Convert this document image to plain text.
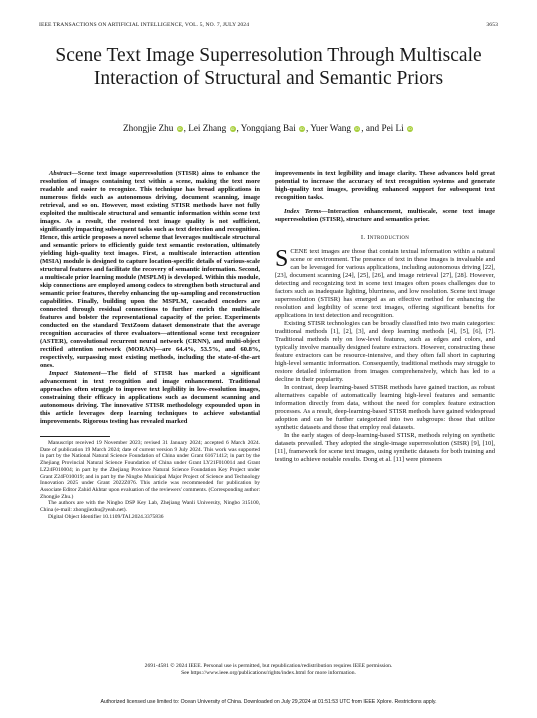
IEEE TRANSACTIONS ON ARTIFICIAL INTELLIGENCE, VOL. 5, NO. 7, JULY 2024	3653
Scene Text Image Superresolution Through Multiscale Interaction of Structural and Semantic Priors
Zhongjie Zhu iD , Lei Zhang iD , Yongqiang Bai iD , Yuer Wang iD , and Pei Li iD

Abstract—Scene text image superresolution (STISR) aims to enhance the resolution of images containing text within a scene, making the text more readable and easier to recognize. This technique has broad applications in numerous fields such as autonomous driving, document scanning, image retrieval, and so on. However, most existing STISR methods have not fully exploited the multiscale structural and semantic information within scene text images. As a result, the restored text image quality is not sufficient, significantly impacting subsequent tasks such as text detection and recognition. Hence, this article proposes a novel scheme that leverages multiscale structural and semantic priors to efficiently guide text semantic restoration, ultimately yielding high-quality text images. First, a multiscale interaction attention (MSIA) module is designed to capture location-specific details of various-scale structural features and facilitate the recovery of semantic information. Second, a multiscale prior learning module (MSPLM) is developed. Within this module, skip connections are employed among codecs to strengthen both structural and semantic prior features, thereby enhancing the up-sampling and reconstruction capabilities. Finally, building upon the MSPLM, cascaded encoders are connected through residual connections to further enrich the multiscale features and bolster the representational capacity of the prior. Experiments conducted on the standard TextZoom dataset demonstrate that the average recognition accuracies of three evaluators—attentional scene text recognizer (ASTER), convolutional recurrent neural network (CRNN), and multi-object rectified attention network (MORAN)—are 64.4%, 53.5%, and 60.8%, respectively, surpassing most existing methods, including the state-of-the-art ones.

Impact Statement—The field of STISR has marked a significant advancement in text recognition and image enhancement. Traditional approaches often struggle to improve text legibility in low-resolution images, constraining their efficacy in applications such as document scanning and autonomous driving. The innovative STISR methodology expounded upon in this article leverages deep learning techniques to achieve substantial improvements. Rigorous testing has revealed marked

Manuscript received 19 November 2023; revised 31 January 2024; accepted 6 March 2024. Date of publication 19 March 2024; date of current version 9 July 2024. This work was supported in part by the National Natural Science Foundation of China under Grant 61671412; in part by the Zhejiang Provincial Natural Science Foundation of China under Grant LY21F010014 and Grant LZ24F010004; in part by the Zhejiang Province Natural Science Foundation Key Project under Grant Z24F010019; and in part by the Ningbo Municipal Major Project of Science and Technology Innovation 2025 under Grant 2022Z076. This article was recommended for publication by Associate Editor Zahid Akhtar upon evaluation of the reviewers' comments. (Corresponding author: Zhongjie Zhu.)

The authors are with the Ningbo DSP Key Lab, Zhejiang Wanli University, Ningbo 315100, China (e-mail: zhongjiezhu@yeah.net).

Digital Object Identifier 10.1109/TAI.2024.3375836

improvements in text legibility and image clarity. These advances hold great potential to increase the accuracy of text recognition systems and generate high-quality text images, providing enhanced support for subsequent text recognition tasks.

Index Terms—Interaction enhancement, multiscale, scene text image superresolution (STISR), structure and semantics prior.

I. Introduction

SCENE text images are those that contain textual information within a natural scene or environment. The presence of text in these images is invaluable and can be leveraged for various applications, including autonomous driving [22], [23], document scanning [24], [25], [26], and image retrieval [27], [28]. However, detecting and recognizing text in scene text images often poses challenges due to factors such as inadequate lighting, blurriness, and low resolution. Scene text image superresolution (STISR) has emerged as an effective method for enhancing the resolution and legibility of scene text images, offering significant benefits for applications in text detection and recognition.

Existing STISR technologies can be broadly classified into two main categories: traditional methods [1], [2], [3], and deep learning methods [4], [5], [6], [7]. Traditional methods rely on low-level features, such as edges and colors, and typically involve manually designed feature extractors. However, constructing these feature extractors can be resource-intensive, and they often fall short in capturing high-level semantic information. Consequently, traditional methods may struggle to restore detailed information from images comprehensively, which has led to a decline in their popularity.

In contrast, deep learning-based STISR methods have gained traction, as robust alternatives capable of automatically learning high-level features and semantic information directly from data, without the need for complex feature extraction processes. As a result, deep-learning-based STISR methods have gained widespread adoption and can be further categorized into two subgroups: those that utilize synthetic datasets and those that employ real datasets.

In the early stages of deep-learning-based STISR, methods relying on synthetic datasets prevailed. They adopted the single-image superresolution (SISR) [9], [10], [11], framework for scene text images, using synthetic datasets for both training and testing to achieve notable results. Dong et al. [11] were pioneers

2691-4581 © 2024 IEEE. Personal use is permitted, but republication/redistribution requires IEEE permission.
See https://www.ieee.org/publications/rights/index.html for more information.
Authorized licensed use limited to: Ocean University of China. Downloaded on July 29,2024 at 01:51:53 UTC from IEEE Xplore. Restrictions apply.
